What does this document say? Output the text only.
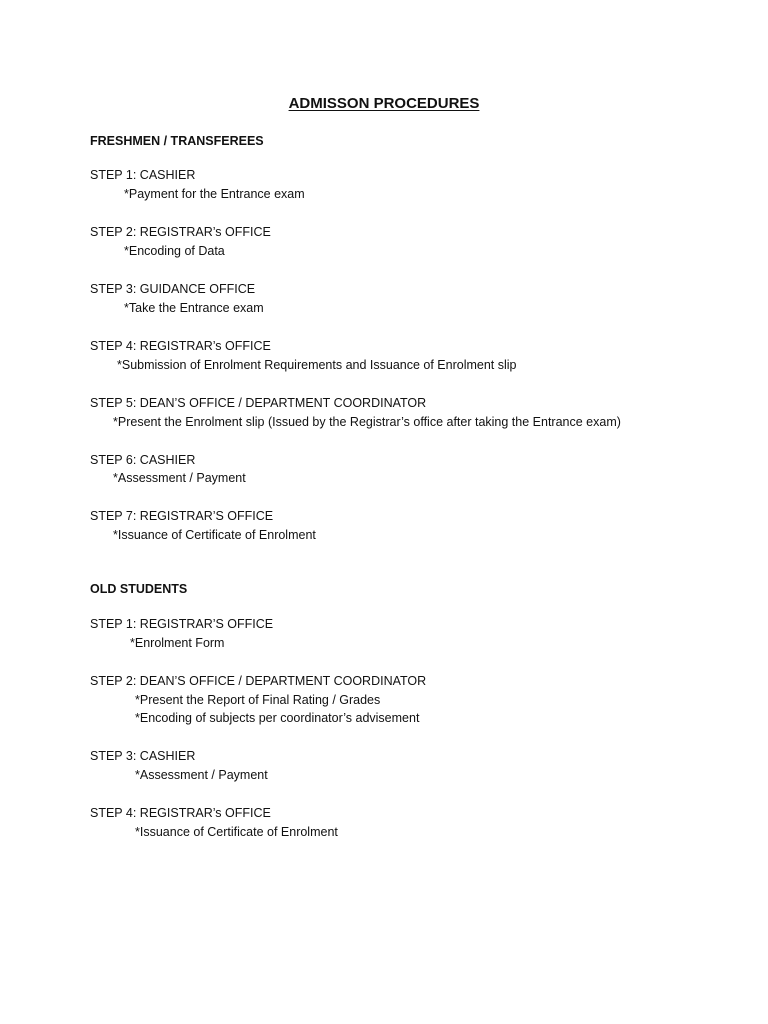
ADMISSON PROCEDURES
FRESHMEN / TRANSFEREES
STEP 1: CASHIER
*Payment for the Entrance exam
STEP 2: REGISTRAR’s OFFICE
*Encoding of Data
STEP 3: GUIDANCE OFFICE
*Take the Entrance exam
STEP 4: REGISTRAR’s OFFICE
*Submission of Enrolment Requirements and Issuance of Enrolment slip
STEP 5: DEAN’S OFFICE / DEPARTMENT COORDINATOR
*Present the Enrolment slip (Issued by the Registrar’s office after taking the Entrance exam)
STEP 6: CASHIER
*Assessment / Payment
STEP 7: REGISTRAR’S OFFICE
*Issuance of Certificate of Enrolment
OLD STUDENTS
STEP 1: REGISTRAR’S OFFICE
*Enrolment Form
STEP 2: DEAN’S OFFICE / DEPARTMENT COORDINATOR
*Present the Report of Final Rating / Grades
*Encoding of subjects per coordinator’s advisement
STEP 3: CASHIER
*Assessment / Payment
STEP 4: REGISTRAR’s OFFICE
*Issuance of Certificate of Enrolment
